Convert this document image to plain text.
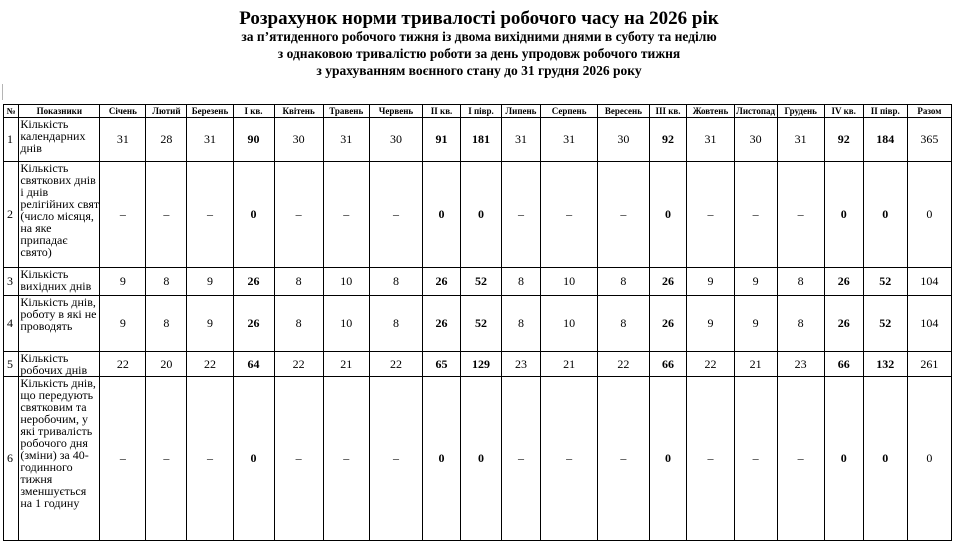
Розрахунок норми тривалості робочого часу на 2026 рік
за п’ятиденного робочого тижня із двома вихідними днями в суботу та неділю
з однаковою тривалістю роботи за день упродовж робочого тижня
з урахуванням воєнного стану до 31 грудня 2026 року
№	Показники	Січень	Лютий	Березень	І кв.	Квітень	Травень	Червень	ІІ кв.	І півр.	Липень	Серпень	Вересень	ІІІ кв.	Жовтень	Листопад	Грудень	ІV кв.	ІІ півр.	Разом
1	Кількість календарних днів	31	28	31	90	30	31	30	91	181	31	31	30	92	31	30	31	92	184	365
2	Кількість святкових днів і днів релігійних свят (число місяця, на яке припадає свято)	–	–	–	0	–	–	–	0	0	–	–	–	0	–	–	–	0	0	0
3	Кількість вихідних днів	9	8	9	26	8	10	8	26	52	8	10	8	26	9	9	8	26	52	104
4	Кількість днів, роботу в які не проводять	9	8	9	26	8	10	8	26	52	8	10	8	26	9	9	8	26	52	104
5	Кількість робочих днів	22	20	22	64	22	21	22	65	129	23	21	22	66	22	21	23	66	132	261
6	Кількість днів, що передують святковим та неробочим, у які тривалість робочого дня (зміни) за 40-годинного тижня зменшується на 1 годину	–	–	–	0	–	–	–	0	0	–	–	–	0	–	–	–	0	0	0
